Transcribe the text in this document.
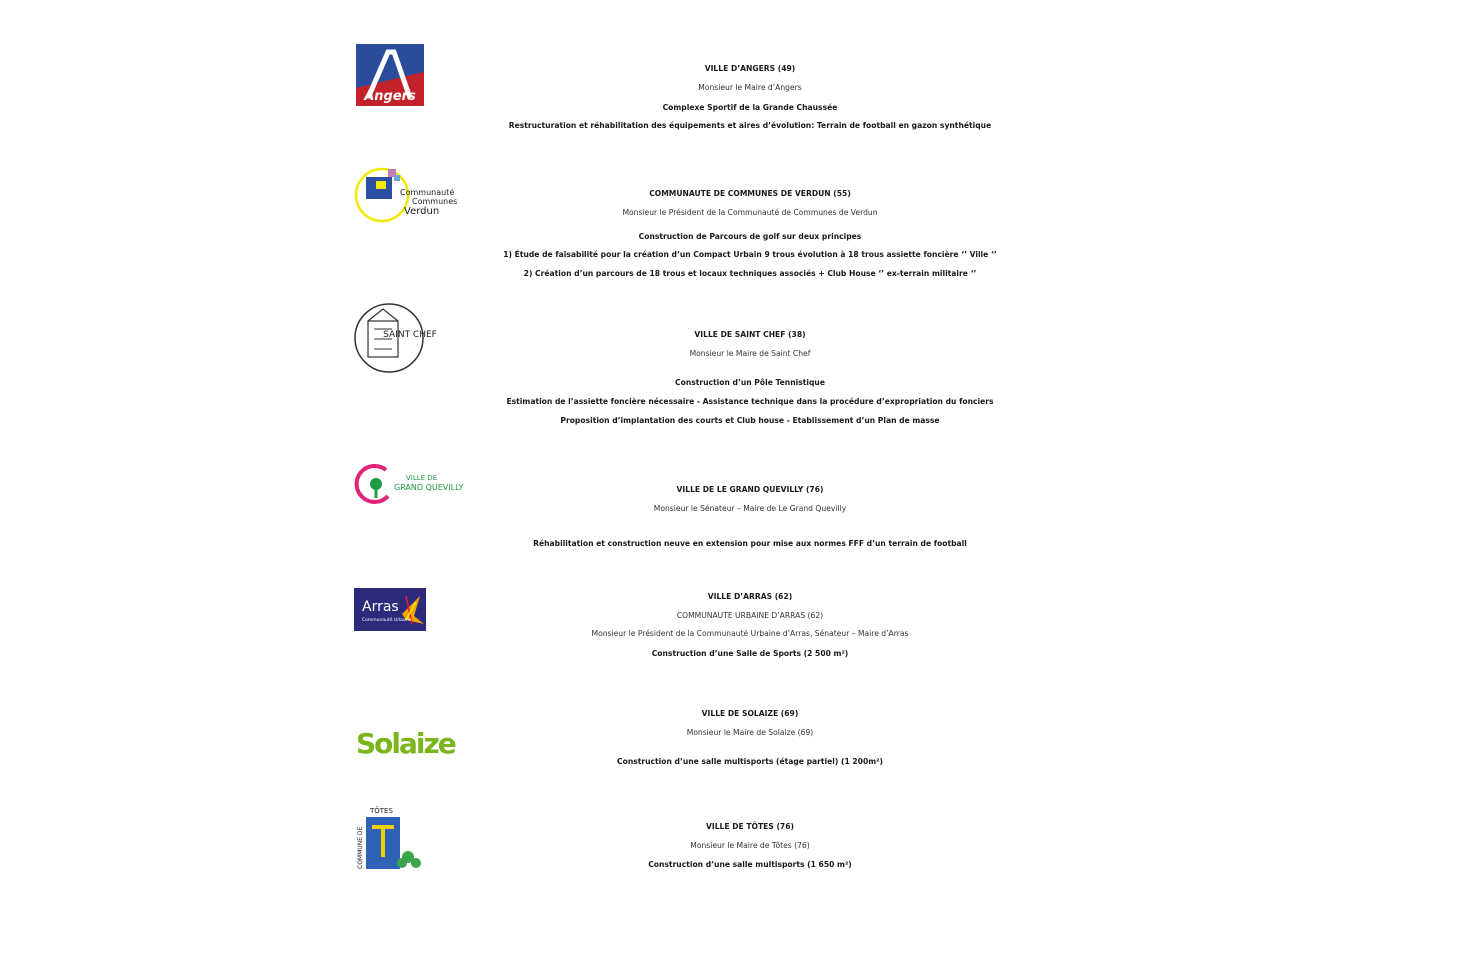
Angers
VILLE D’ANGERS (49)
Monsieur le Maire d’Angers
Complexe Sportif de la Grande Chaussée
Restructuration et réhabilitation des équipements et aires d’évolution: Terrain de football en gazon synthétique
Communauté
Communes
Verdun
COMMUNAUTE DE COMMUNES DE VERDUN (55)
Monsieur le Président de la Communauté de Communes de Verdun
Construction de Parcours de golf sur deux principes
1) Étude de faisabilité pour la création d’un Compact Urbain 9 trous évolution à 18 trous assiette foncière ‘’ Ville ‘’
2) Création d’un parcours de 18 trous et locaux techniques associés + Club House ‘’ ex-terrain militaire ‘’
SAINT CHEF	VILLE DE SAINT CHEF (38)
Monsieur le Maire de Saint Chef
Construction d’un Pôle Tennistique
Estimation de l’assiette foncière nécessaire - Assistance technique dans la procédure d’expropriation du fonciers
Proposition d’implantation des courts et Club house - Etablissement d’un Plan de masse
VILLE DE
GRAND QUEVILLY	VILLE DE LE GRAND QUEVILLY (76)
Monsieur le Sénateur – Maire de Le Grand Quevilly
Réhabilitation et construction neuve en extension pour mise aux normes FFF d’un terrain de football
Arras
Communauté Urbaine
VILLE D’ARRAS (62)
COMMUNAUTE URBAINE D’ARRAS (62)
Monsieur le Président de la Communauté Urbaine d’Arras, Sénateur – Maire d’Arras
Construction d’une Salle de Sports (2 500 m²)
Solaize
VILLE DE SOLAIZE (69)
Monsieur le Maire de Solaize (69)
Construction d’une salle multisports (étage partiel) (1 200m²)
TÔTES
COMMUNE DE
VILLE DE TÔTES (76)
Monsieur le Maire de Tôtes (76)
Construction d’une salle multisports (1 650 m²)
